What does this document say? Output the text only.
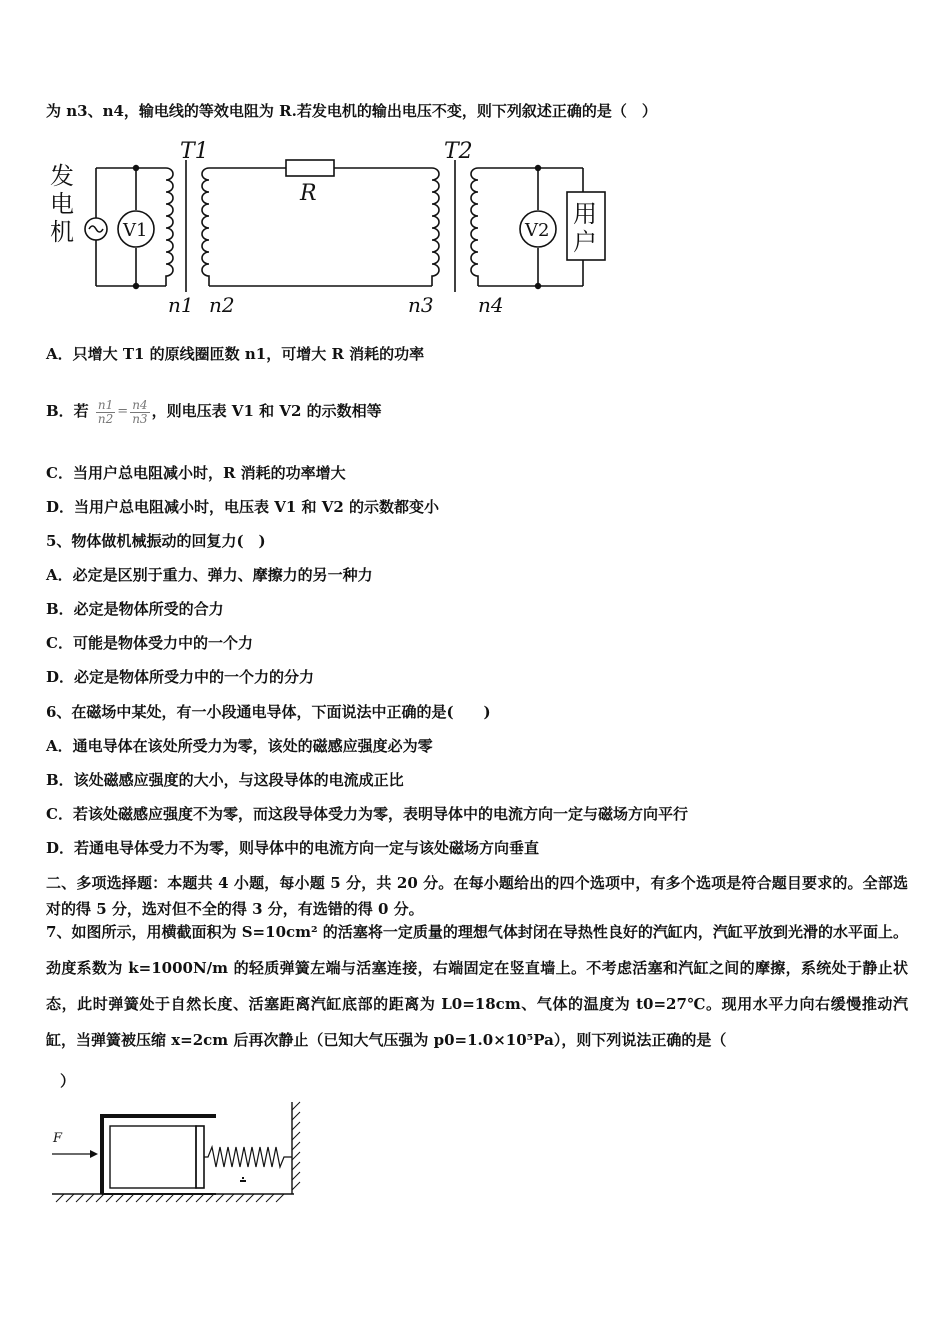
为 n3、n4，输电线的等效电阻为 R.若发电机的输出电压不变，则下列叙述正确的是（　）
发电机
T1	T2
R
V1	V2
用户
n1 n2	n3 n4
A．只增大 T1 的原线圈匝数 n1，可增大 R 消耗的功率
B．若 $\frac{n1}{n2} = \frac{n4}{n3}$ ，则电压表 V1 和 V2 的示数相等
C．当用户总电阻减小时，R 消耗的功率增大
D．当用户总电阻减小时，电压表 V1 和 V2 的示数都变小
5、物体做机械振动的回复力(　)
A．必定是区别于重力、弹力、摩擦力的另一种力
B．必定是物体所受的合力
C．可能是物体受力中的一个力
D．必定是物体所受力中的一个力的分力
6、在磁场中某处，有一小段通电导体，下面说法中正确的是(　　)
A．通电导体在该处所受力为零，该处的磁感应强度必为零
B．该处磁感应强度的大小，与这段导体的电流成正比
C．若该处磁感应强度不为零，而这段导体受力为零，表明导体中的电流方向一定与磁场方向平行
D．若通电导体受力不为零，则导体中的电流方向一定与该处磁场方向垂直
二、多项选择题：本题共 4 小题，每小题 5 分，共 20 分。在每小题给出的四个选项中，有多个选项是符合题目要求的。全部选对的得 5 分，选对但不全的得 3 分，有选错的得 0 分。
7、如图所示，用横截面积为 S=10cm² 的活塞将一定质量的理想气体封闭在导热性良好的汽缸内，汽缸平放到光滑的水平面上。劲度系数为 k=1000N/m 的轻质弹簧左端与活塞连接，右端固定在竖直墙上。不考虑活塞和汽缸之间的摩擦，系统处于静止状态，此时弹簧处于自然长度、活塞距离汽缸底部的距离为 L0=18cm、气体的温度为 t0=27℃。现用水平力向右缓慢推动汽缸，当弹簧被压缩 x=2cm 后再次静止（已知大气压强为 p0=1.0×10⁵Pa），则下列说法正确的是（
）
F
